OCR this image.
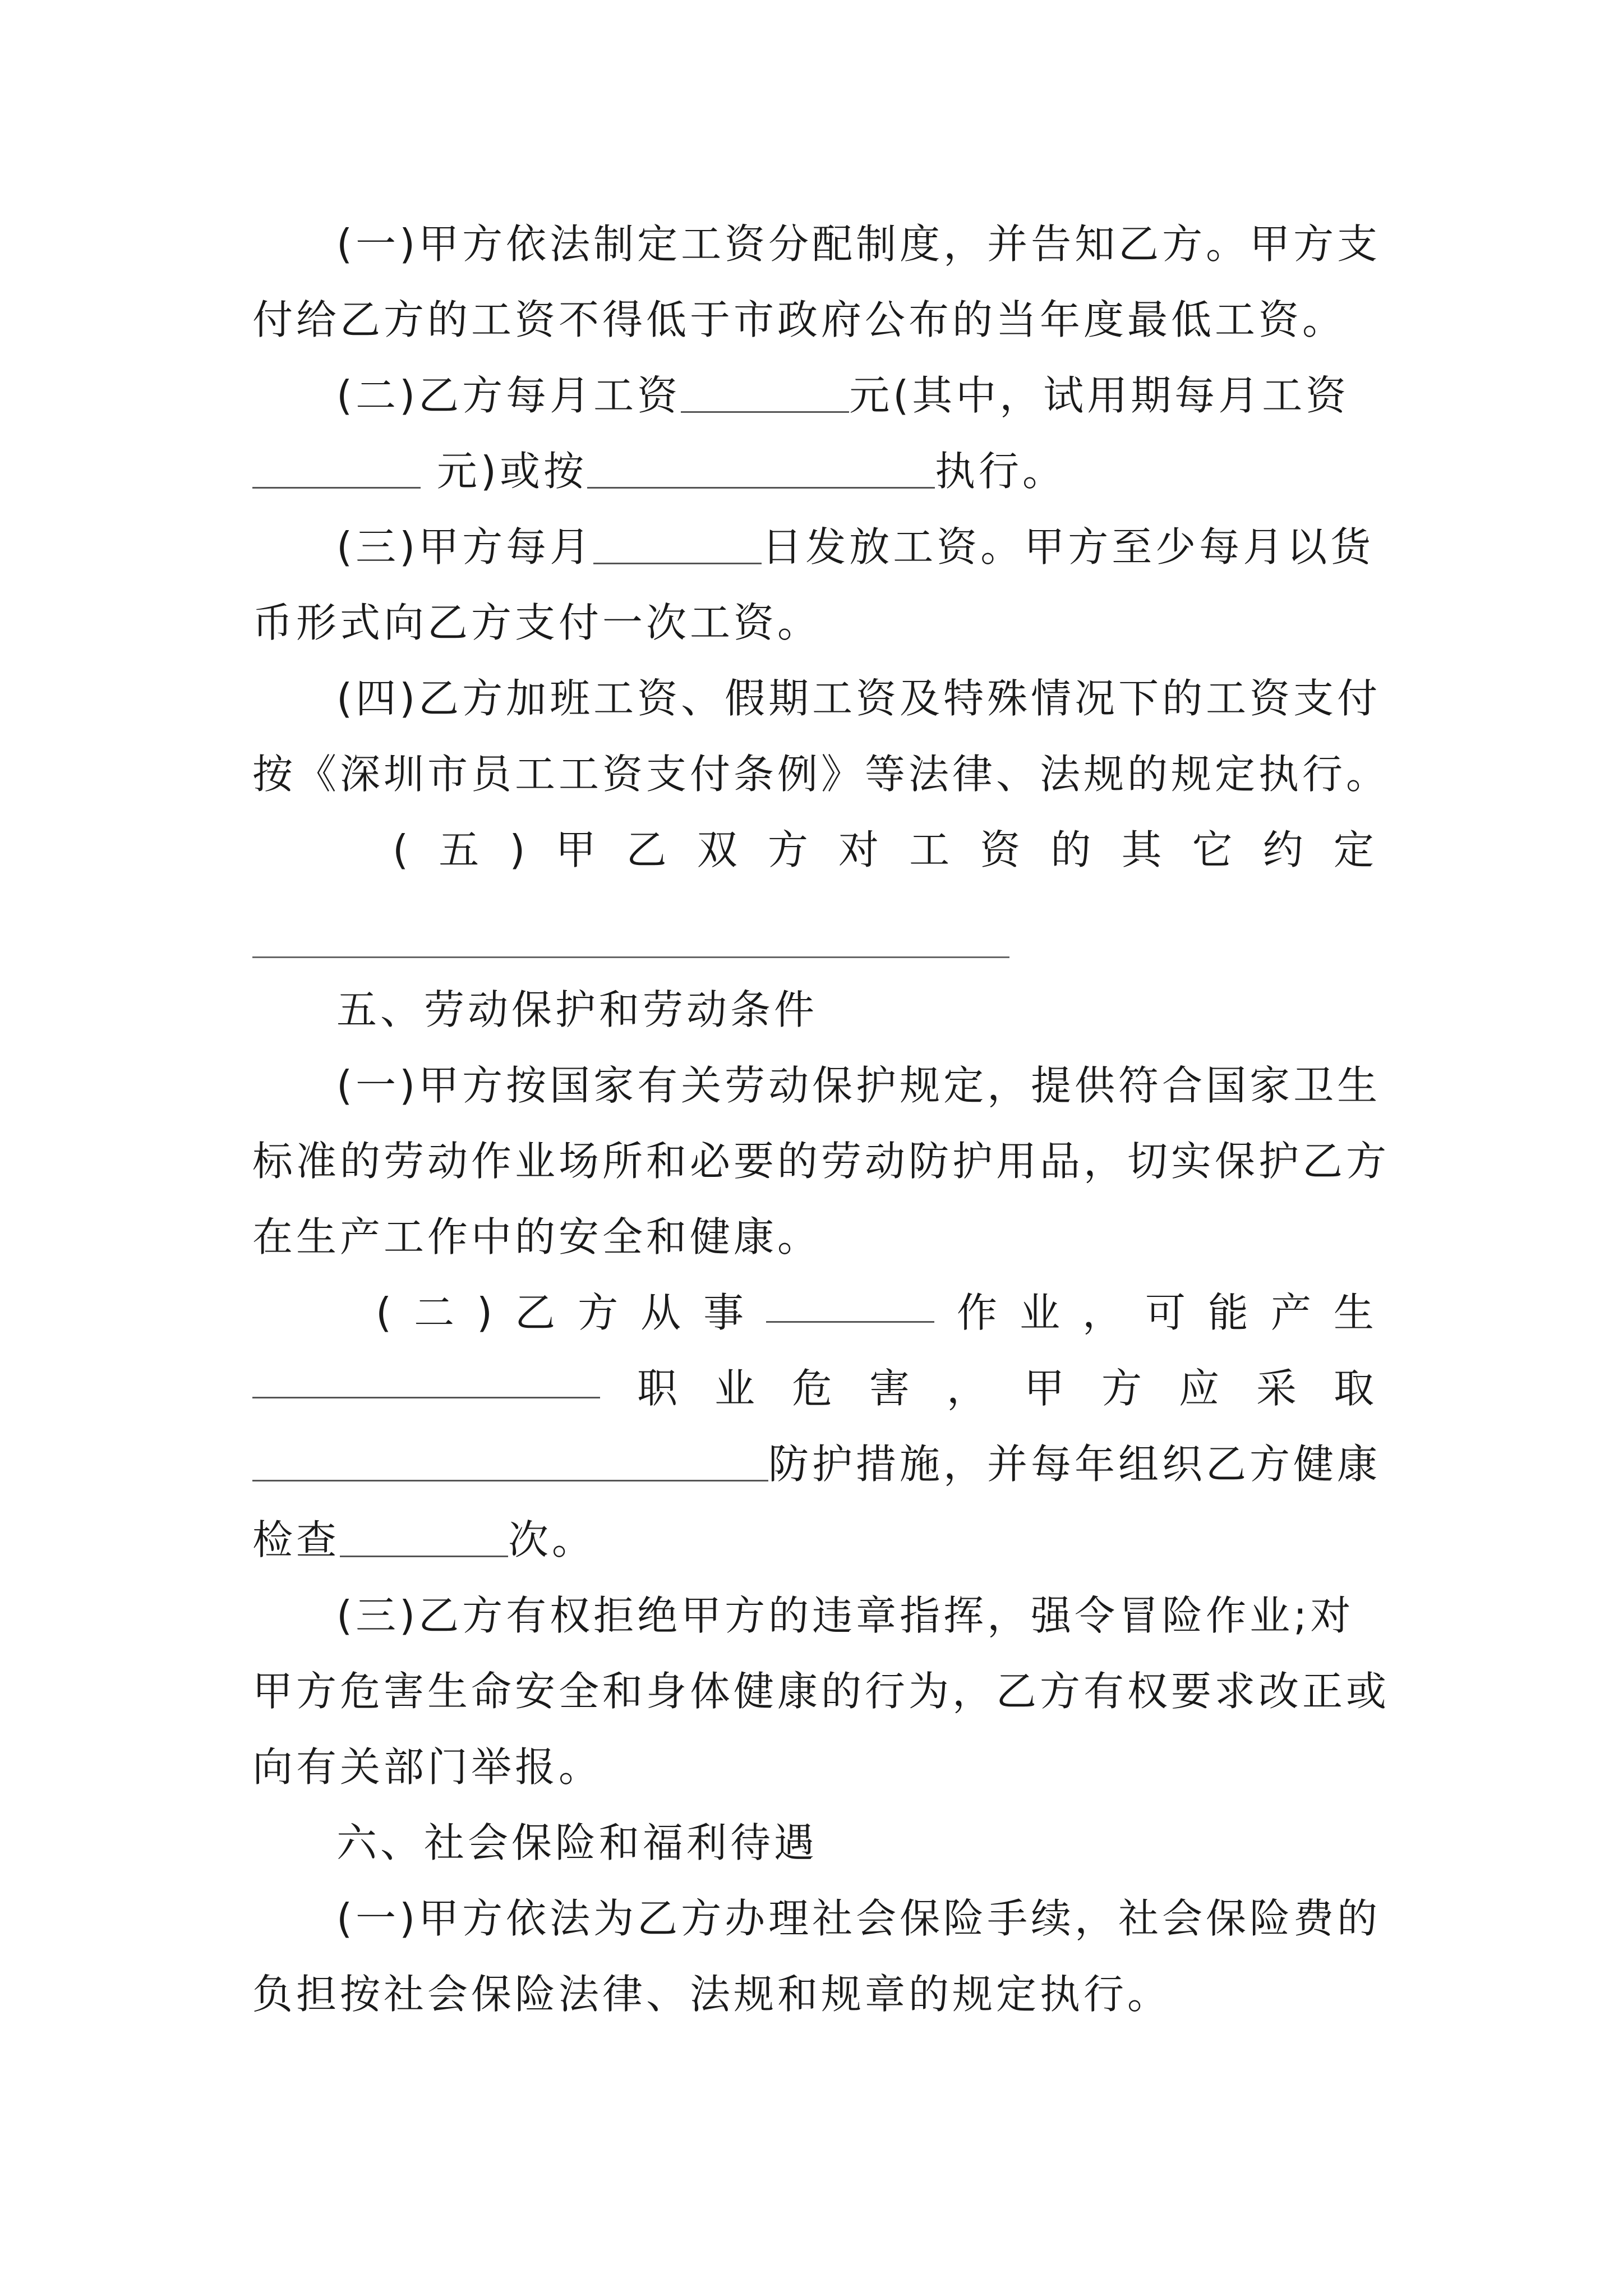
(一)甲方依法制定工资分配制度，并告知乙方。甲方支
付给乙方的工资不得低于市政府公布的当年度最低工资。
(二)乙方每月工资	元(其中，试用期每月工资
元)或按	执行。
(三)甲方每月	日发放工资。甲方至少每月以货
币形式向乙方支付一次工资。
(四)乙方加班工资、假期工资及特殊情况下的工资支付
按《深圳市员工工资支付条例》等法律、法规的规定执行。
( 五 ) 甲 乙 双 方 对 工 资 的 其 它 约 定
五、劳动保护和劳动条件
(一)甲方按国家有关劳动保护规定，提供符合国家卫生
标准的劳动作业场所和必要的劳动防护用品，切实保护乙方
在生产工作中的安全和健康。
( 二 ) 乙 方 从 事	作 业 ， 可 能 产 生
职 业 危 害 ， 甲 方 应 采 取
防护措施，并每年组织乙方健康
检查	次。
(三)乙方有权拒绝甲方的违章指挥，强令冒险作业;对
甲方危害生命安全和身体健康的行为，乙方有权要求改正或
向有关部门举报。
六、社会保险和福利待遇
(一)甲方依法为乙方办理社会保险手续，社会保险费的
负担按社会保险法律、法规和规章的规定执行。
